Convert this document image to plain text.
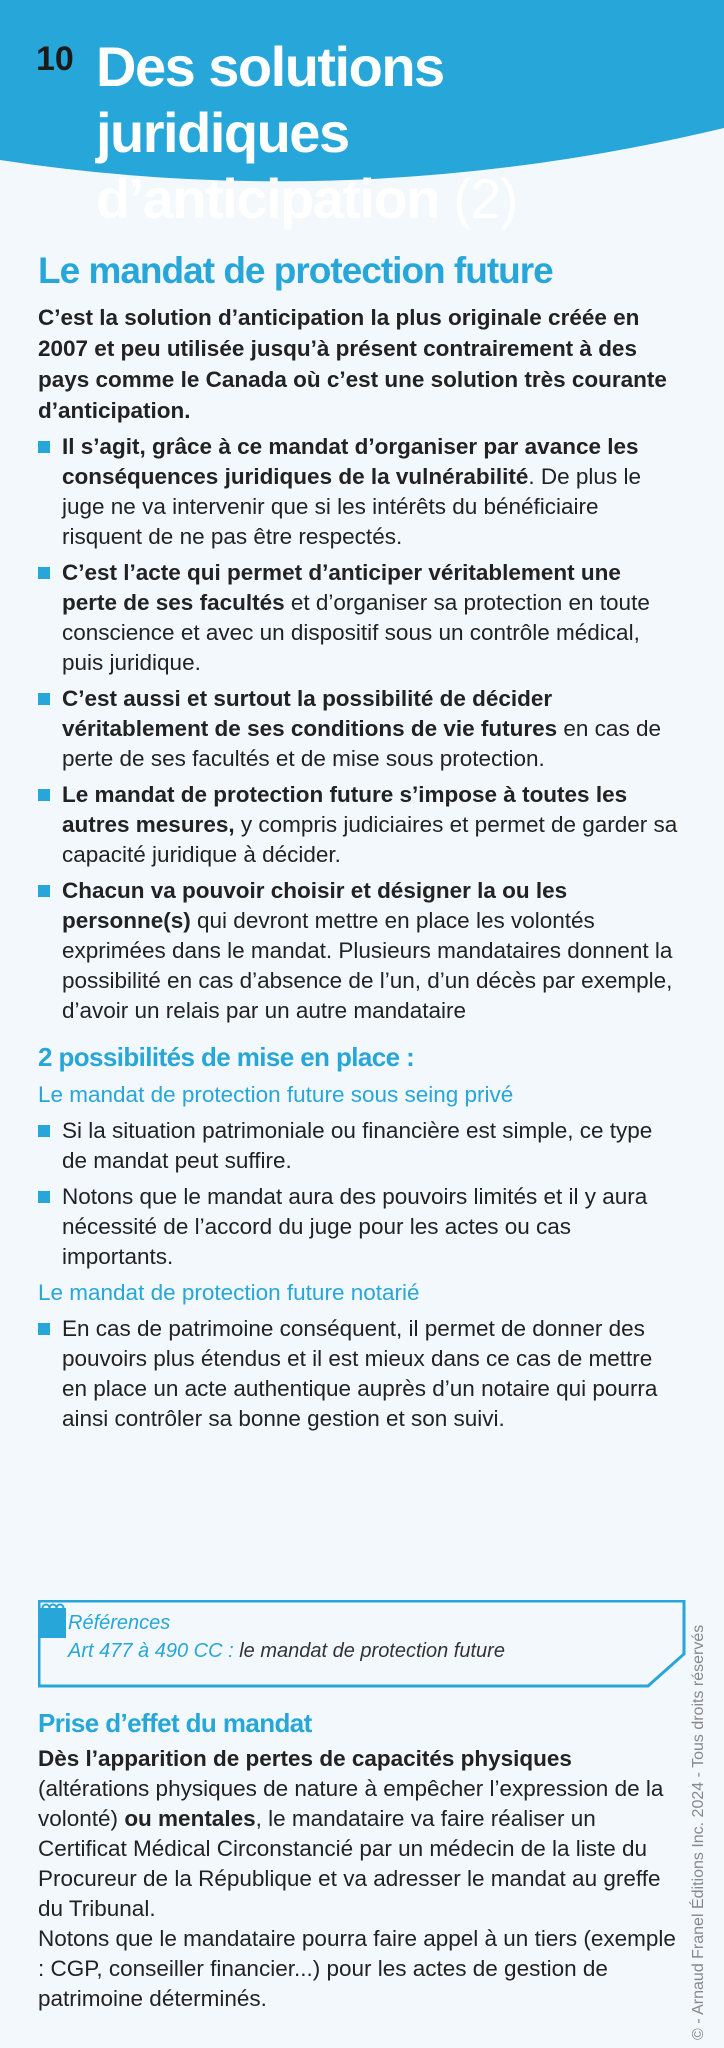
10 Des solutions juridiques
d’anticipation (2)
Le mandat de protection future
C’est la solution d’anticipation la plus originale créée en 2007 et peu utilisée jusqu’à présent contrairement à des pays comme le Canada où c’est une solution très courante d’anticipation.
Il s’agit, grâce à ce mandat d’organiser par avance les conséquences juridiques de la vulnérabilité. De plus le juge ne va intervenir que si les intérêts du bénéficiaire risquent de ne pas être respectés.
C’est l’acte qui permet d’anticiper véritablement une perte de ses facultés et d’organiser sa protection en toute conscience et avec un dispositif sous un contrôle médical, puis juridique.
C’est aussi et surtout la possibilité de décider véritablement de ses conditions de vie futures en cas de perte de ses facultés et de mise sous protection.
Le mandat de protection future s’impose à toutes les autres mesures, y compris judiciaires et permet de garder sa capacité juridique à décider.
Chacun va pouvoir choisir et désigner la ou les personne(s) qui devront mettre en place les volontés exprimées dans le mandat. Plusieurs mandataires donnent la possibilité en cas d’absence de l’un, d’un décès par exemple, d’avoir un relais par un autre mandataire
2 possibilités de mise en place :
Le mandat de protection future sous seing privé
Si la situation patrimoniale ou financière est simple, ce type de mandat peut suffire.
Notons que le mandat aura des pouvoirs limités et il y aura nécessité de l’accord du juge pour les actes ou cas importants.
Le mandat de protection future notarié
En cas de patrimoine conséquent, il permet de donner des pouvoirs plus étendus et il est mieux dans ce cas de mettre en place un acte authentique auprès d’un notaire qui pourra ainsi contrôler sa bonne gestion et son suivi.
Références
Art 477 à 490 CC : le mandat de protection future
Prise d’effet du mandat
Dès l’apparition de pertes de capacités physiques (altérations physiques de nature à empêcher l’expression de la volonté) ou mentales, le mandataire va faire réaliser un Certificat Médical Circonstancié par un médecin de la liste du Procureur de la République et va adresser le mandat au greffe du Tribunal.
Notons que le mandataire pourra faire appel à un tiers (exemple : CGP, conseiller financier...) pour les actes de gestion de patrimoine déterminés.	© - Arnaud Franel Éditions Inc. 2024 - Tous droits réservés
